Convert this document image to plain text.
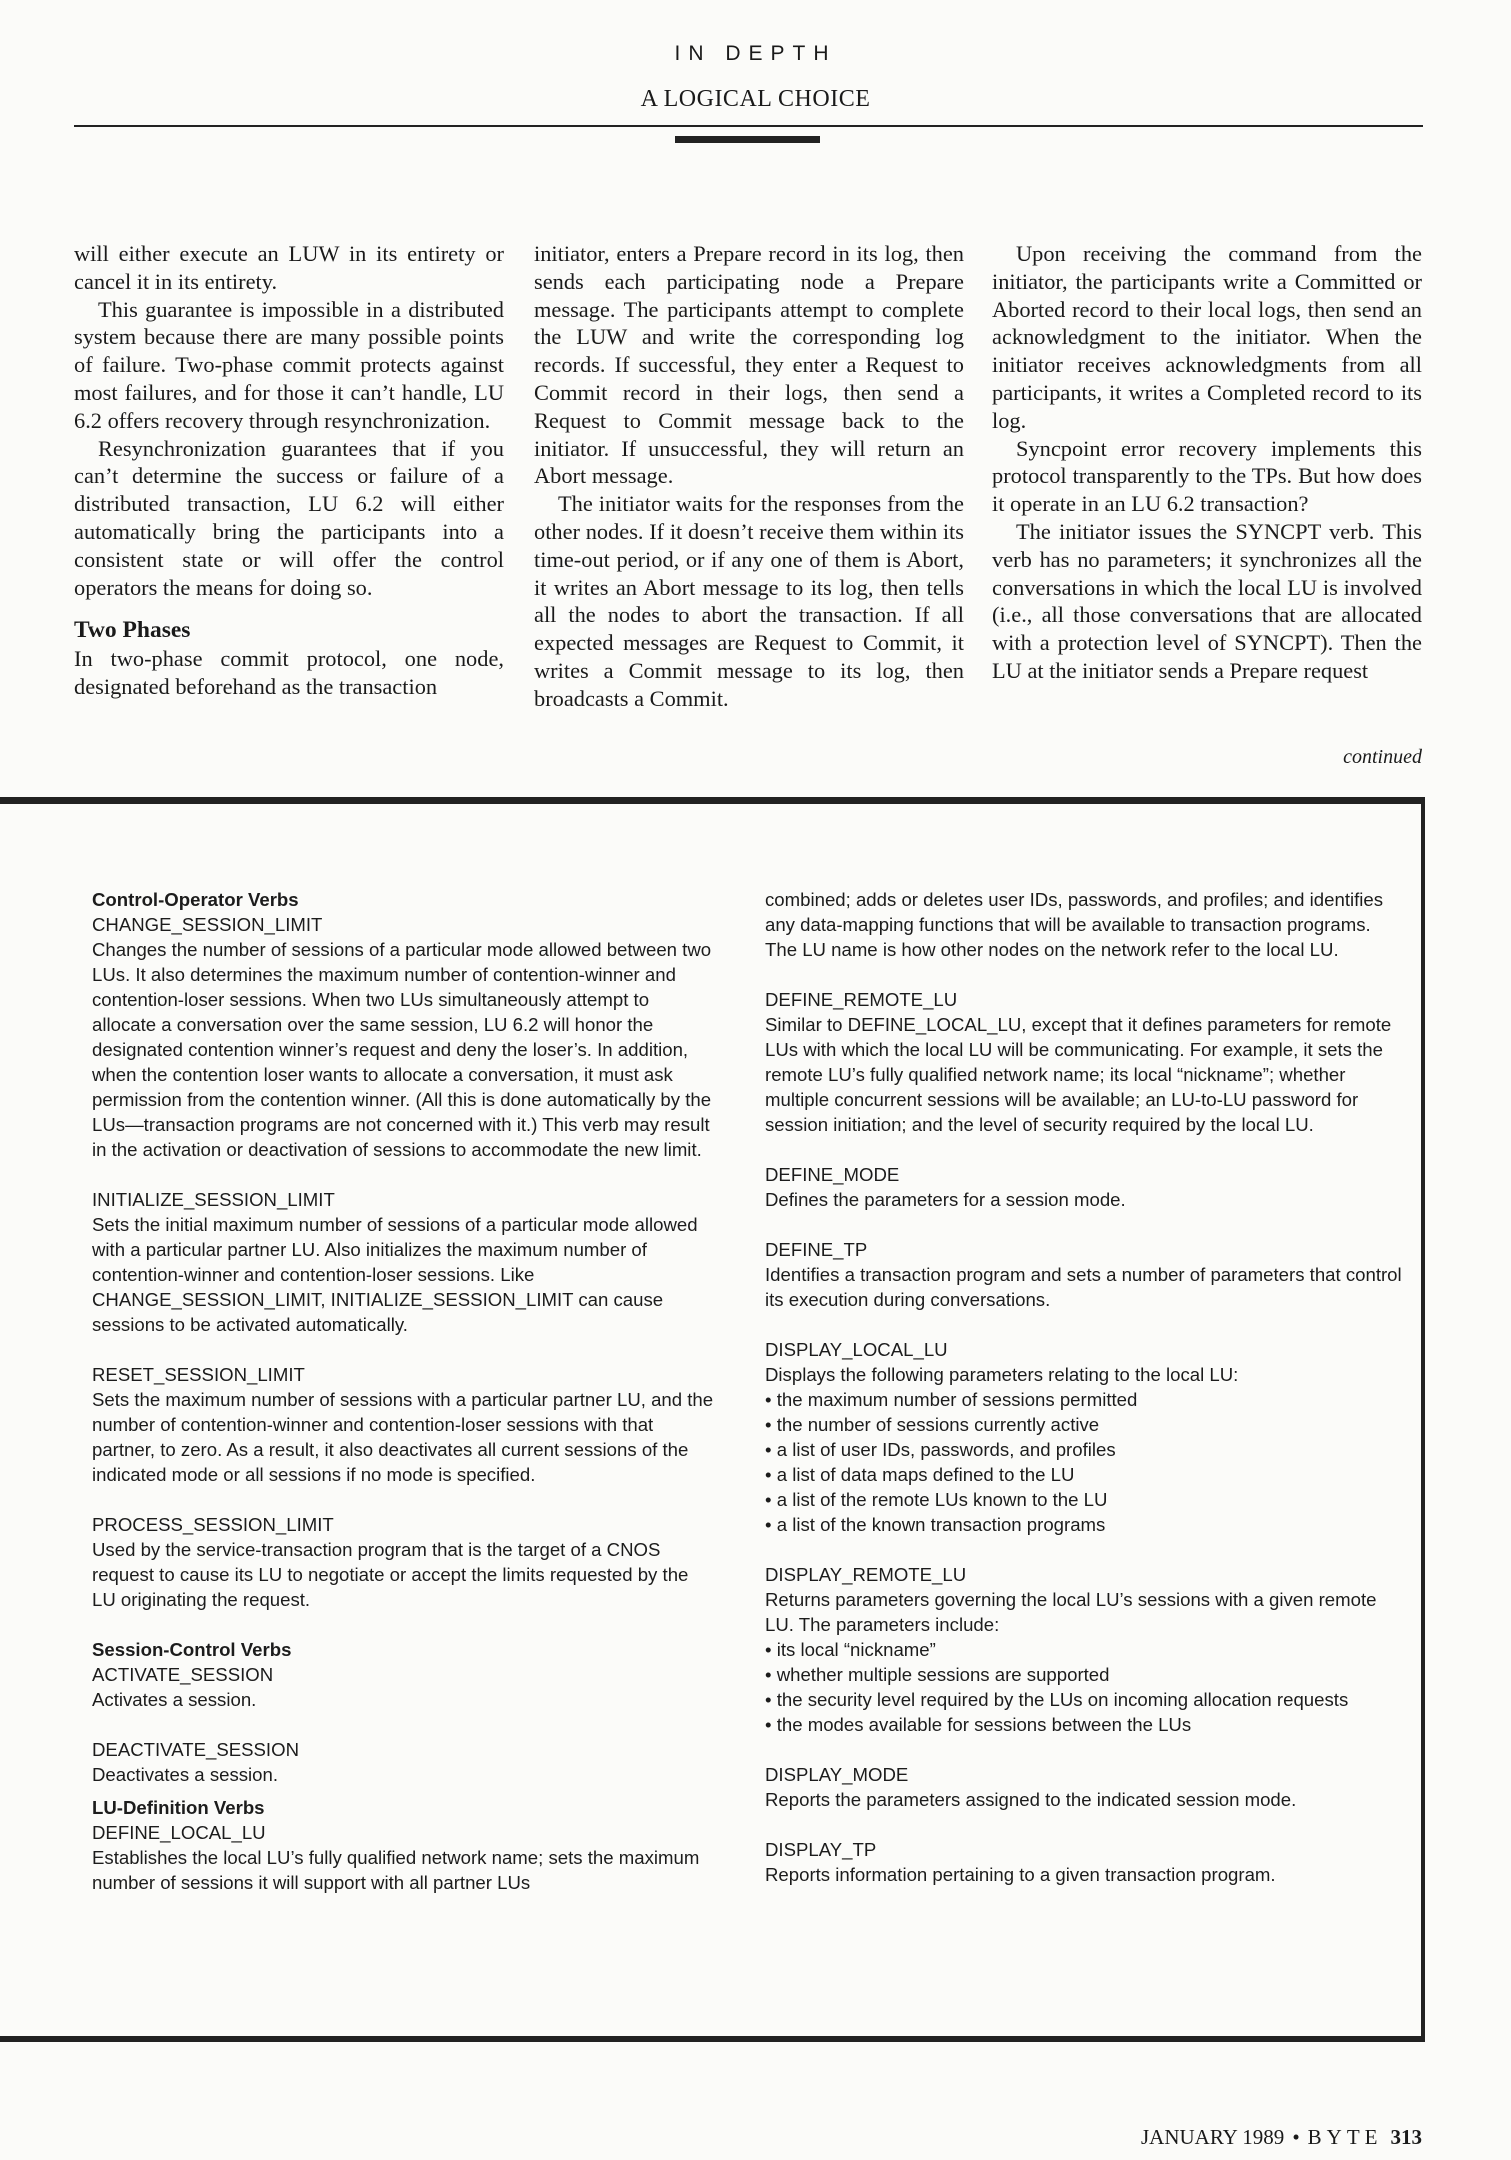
IN DEPTH
A LOGICAL CHOICE

will either execute an LUW in its entirety or cancel it in its entirety.

This guarantee is impossible in a distributed system because there are many possible points of failure. Two-phase commit protects against most failures, and for those it can’t handle, LU 6.2 offers recovery through resynchronization.

Resynchronization guarantees that if you can’t determine the success or failure of a distributed transaction, LU 6.2 will either automatically bring the participants into a consistent state or will offer the control operators the means for doing so.

Two Phases

In two-phase commit protocol, one node, designated beforehand as the transaction

initiator, enters a Prepare record in its log, then sends each participating node a Prepare message. The participants attempt to complete the LUW and write the corresponding log records. If successful, they enter a Request to Commit record in their logs, then send a Request to Commit message back to the initiator. If unsuccessful, they will return an Abort message.

The initiator waits for the responses from the other nodes. If it doesn’t receive them within its time-out period, or if any one of them is Abort, it writes an Abort message to its log, then tells all the nodes to abort the transaction. If all expected messages are Request to Commit, it writes a Commit message to its log, then broadcasts a Commit.

Upon receiving the command from the initiator, the participants write a Committed or Aborted record to their local logs, then send an acknowledgment to the initiator. When the initiator receives acknowledgments from all participants, it writes a Completed record to its log.

Syncpoint error recovery implements this protocol transparently to the TPs. But how does it operate in an LU 6.2 transaction?

The initiator issues the SYNCPT verb. This verb has no parameters; it synchronizes all the conversations in which the local LU is involved (i.e., all those conversations that are allocated with a protection level of SYNCPT). Then the LU at the initiator sends a Prepare request

continued
Control-Operator Verbs
CHANGE_SESSION_LIMIT

Changes the number of sessions of a particular mode allowed between two LUs. It also determines the maximum number of contention-winner and contention-loser sessions. When two LUs simultaneously attempt to allocate a conversation over the same session, LU 6.2 will honor the designated contention winner’s request and deny the loser’s. In addition, when the contention loser wants to allocate a conversation, it must ask permission from the contention winner. (All this is done automatically by the LUs—transaction programs are not concerned with it.) This verb may result in the activation or deactivation of sessions to accommodate the new limit.

INITIALIZE_SESSION_LIMIT

Sets the initial maximum number of sessions of a particular mode allowed with a particular partner LU. Also initializes the maximum number of contention-winner and contention-loser sessions. Like CHANGE_SESSION_LIMIT, INITIALIZE_SESSION_LIMIT can cause sessions to be activated automatically.

RESET_SESSION_LIMIT

Sets the maximum number of sessions with a particular partner LU, and the number of contention-winner and contention-loser sessions with that partner, to zero. As a result, it also deactivates all current sessions of the indicated mode or all sessions if no mode is specified.

PROCESS_SESSION_LIMIT

Used by the service-transaction program that is the target of a CNOS request to cause its LU to negotiate or accept the limits requested by the LU originating the request.

Session-Control Verbs
ACTIVATE_SESSION

Activates a session.

DEACTIVATE_SESSION

Deactivates a session.

LU-Definition Verbs
DEFINE_LOCAL_LU

Establishes the local LU’s fully qualified network name; sets the maximum number of sessions it will support with all partner LUs

combined; adds or deletes user IDs, passwords, and profiles; and identifies any data-mapping functions that will be available to transaction programs. The LU name is how other nodes on the network refer to the local LU.

DEFINE_REMOTE_LU

Similar to DEFINE_LOCAL_LU, except that it defines parameters for remote LUs with which the local LU will be communicating. For example, it sets the remote LU’s fully qualified network name; its local “nickname”; whether multiple concurrent sessions will be available; an LU-to-LU password for session initiation; and the level of security required by the local LU.

DEFINE_MODE

Defines the parameters for a session mode.

DEFINE_TP

Identifies a transaction program and sets a number of parameters that control its execution during conversations.

DISPLAY_LOCAL_LU

Displays the following parameters relating to the local LU:

• the maximum number of sessions permitted
• the number of sessions currently active
• a list of user IDs, passwords, and profiles
• a list of data maps defined to the LU
• a list of the remote LUs known to the LU
• a list of the known transaction programs
DISPLAY_REMOTE_LU

Returns parameters governing the local LU’s sessions with a given remote LU. The parameters include:

• its local “nickname”
• whether multiple sessions are supported
• the security level required by the LUs on incoming allocation requests
• the modes available for sessions between the LUs
DISPLAY_MODE

Reports the parameters assigned to the indicated session mode.

DISPLAY_TP

Reports information pertaining to a given transaction program.

JANUARY 1989 • BYTE 313
